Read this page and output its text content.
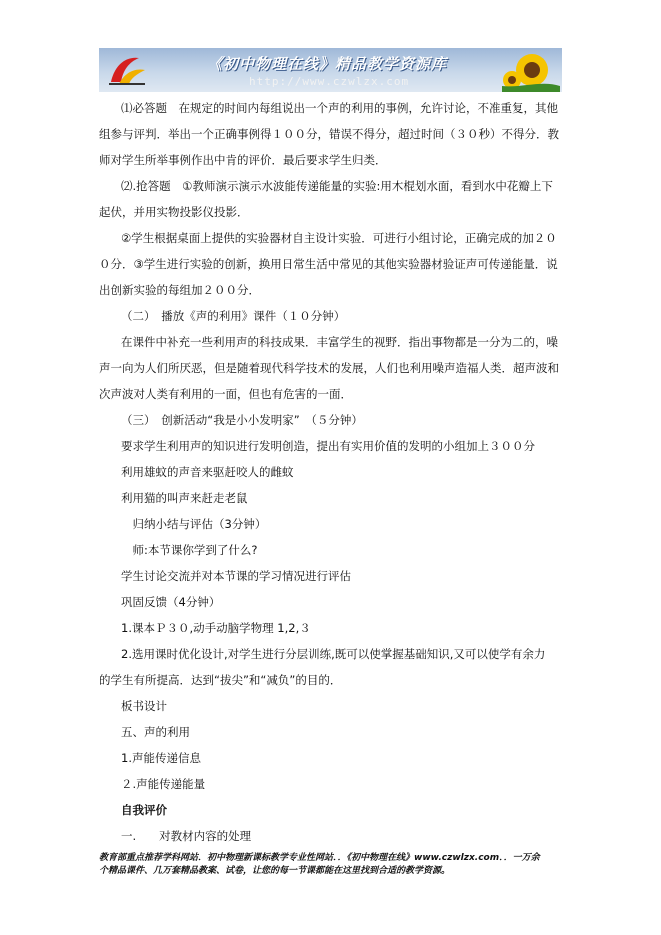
《初中物理在线》精品教学资源库
http://www.czwlzx.com
⑴必答题　在规定的时间内每组说出一个声的利用的事例，允许讨论，不准重复，其他
组参与评判．举出一个正确事例得１００分，错误不得分，超过时间（３０秒）不得分．教
师对学生所举事例作出中肯的评价．最后要求学生归类．
⑵.抢答题　①教师演示演示水波能传递能量的实验:用木棍划水面，看到水中花瓣上下
起伏，并用实物投影仪投影．
②学生根据桌面上提供的实验器材自主设计实验．可进行小组讨论，正确完成的加２０
０分．③学生进行实验的创新，换用日常生活中常见的其他实验器材验证声可传递能量．说
出创新实验的每组加２００分．
（二）　播放《声的利用》课件（１０分钟）
在课件中补充一些利用声的科技成果．丰富学生的视野．指出事物都是一分为二的，噪
声一向为人们所厌恶，但是随着现代科学技术的发展，人们也利用噪声造福人类．超声波和
次声波对人类有利用的一面，但也有危害的一面．
（三）　创新活动“我是小小发明家”　（５分钟）
要求学生利用声的知识进行发明创造，提出有实用价值的发明的小组加上３００分
利用雄蚊的声音来驱赶咬人的雌蚊
利用猫的叫声来赶走老鼠
　归纳小结与评估（3分钟）
　师:本节课你学到了什么?
学生讨论交流并对本节课的学习情况进行评估
巩固反馈（4分钟）
1.课本Ｐ３０,动手动脑学物理 1,2,３
2.选用课时优化设计,对学生进行分层训练,既可以使掌握基础知识,又可以使学有余力
的学生有所提高．达到“拔尖”和“减负”的目的．
板书设计
五、声的利用
1.声能传递信息
２.声能传递能量
自我评价
一.　　对教材内容的处理
教育部重点推荐学科网站．初中物理新课标教学专业性网站．．《初中物理在线》www.czwlzx.com．．一万余
个精品课件、几万套精品教案、试卷，让您的每一节课都能在这里找到合适的教学资源。
